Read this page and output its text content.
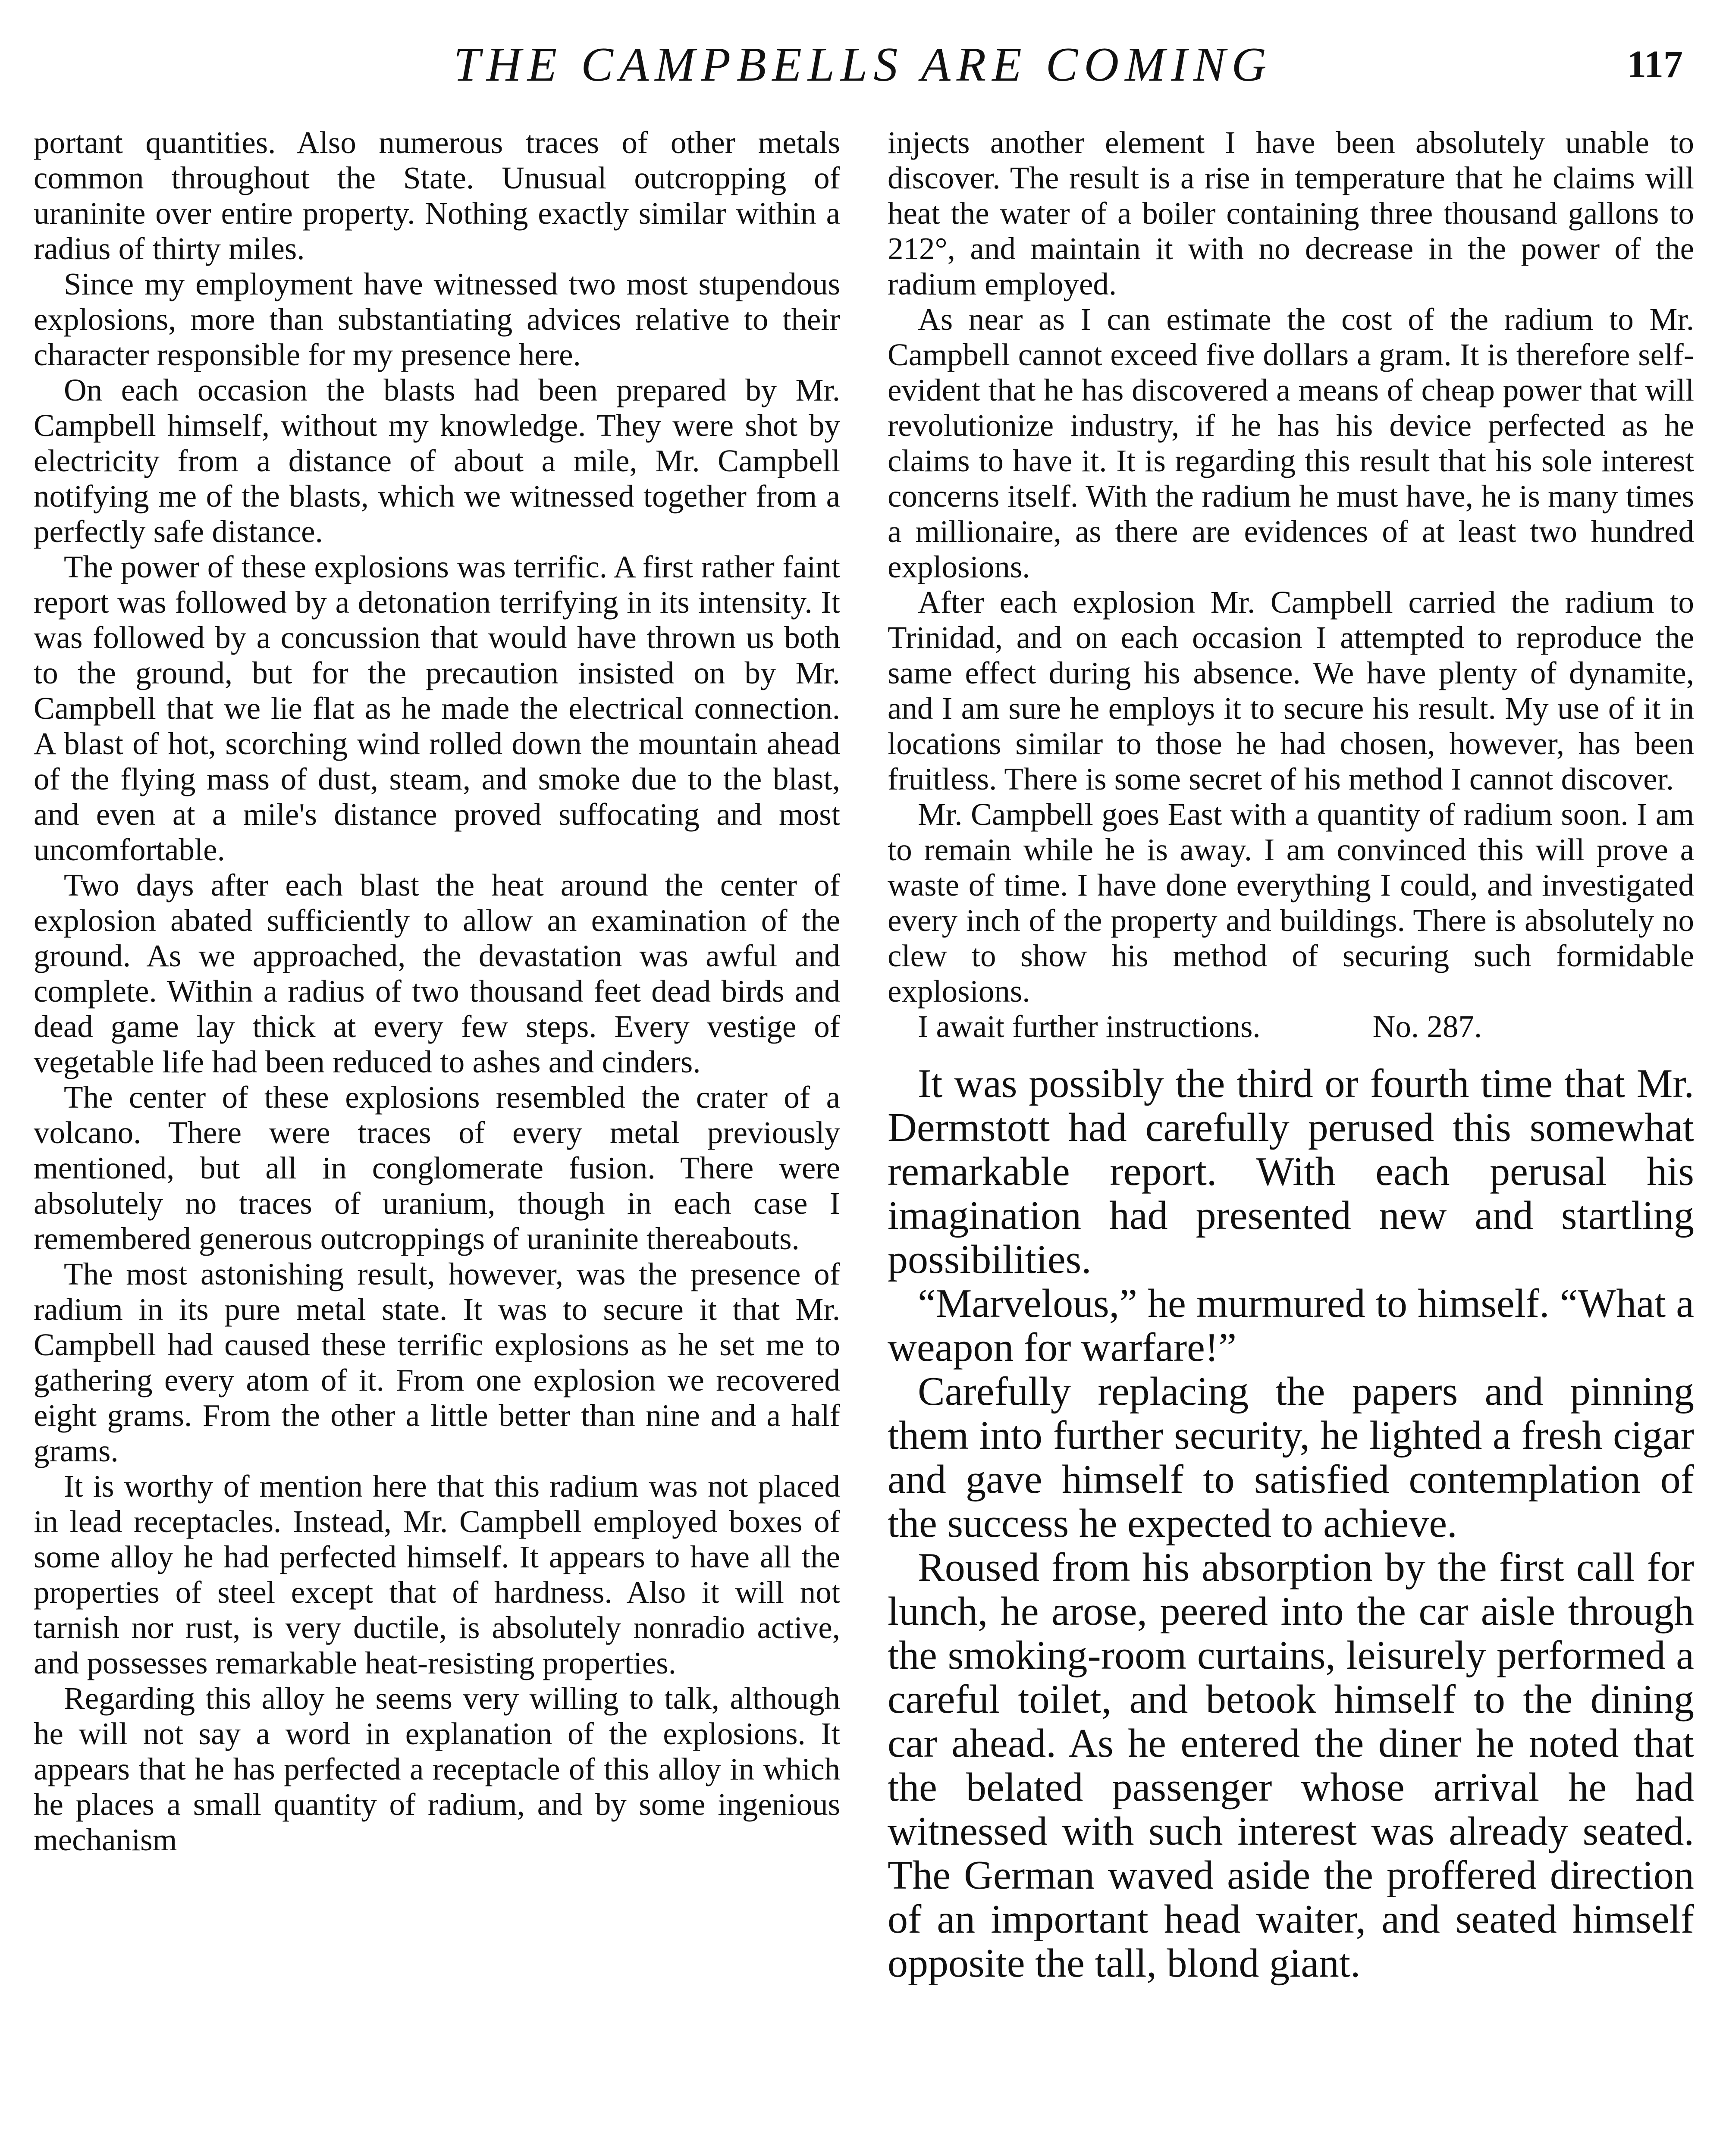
THE CAMPBELLS ARE COMING	117

portant quantities. Also numerous traces of other metals common throughout the State. Unusual outcropping of uraninite over entire property. Nothing exactly similar within a radius of thirty miles.

Since my employment have witnessed two most stupendous explosions, more than substantiating advices relative to their character responsible for my presence here.

On each occasion the blasts had been prepared by Mr. Campbell himself, without my knowledge. They were shot by electricity from a distance of about a mile, Mr. Campbell notifying me of the blasts, which we witnessed together from a perfectly safe distance.

The power of these explosions was terrific. A first rather faint report was followed by a detonation terrifying in its intensity. It was followed by a concussion that would have thrown us both to the ground, but for the precaution insisted on by Mr. Campbell that we lie flat as he made the electrical connection. A blast of hot, scorching wind rolled down the mountain ahead of the flying mass of dust, steam, and smoke due to the blast, and even at a mile's distance proved suffocating and most uncomfortable.

Two days after each blast the heat around the center of explosion abated sufficiently to allow an examination of the ground. As we approached, the devastation was awful and complete. Within a radius of two thousand feet dead birds and dead game lay thick at every few steps. Every vestige of vegetable life had been reduced to ashes and cinders.

The center of these explosions resembled the crater of a volcano. There were traces of every metal previously mentioned, but all in conglomerate fusion. There were absolutely no traces of uranium, though in each case I remembered generous outcroppings of uraninite thereabouts.

The most astonishing result, however, was the presence of radium in its pure metal state. It was to secure it that Mr. Campbell had caused these terrific explosions as he set me to gathering every atom of it. From one explosion we recovered eight grams. From the other a little better than nine and a half grams.

It is worthy of mention here that this radium was not placed in lead receptacles. Instead, Mr. Campbell employed boxes of some alloy he had perfected himself. It appears to have all the properties of steel except that of hardness. Also it will not tarnish nor rust, is very ductile, is absolutely nonradio active, and possesses remarkable heat-resisting properties.

Regarding this alloy he seems very willing to talk, although he will not say a word in explanation of the explosions. It appears that he has perfected a receptacle of this alloy in which he places a small quantity of radium, and by some ingenious mechanism

injects another element I have been absolutely unable to discover. The result is a rise in temperature that he claims will heat the water of a boiler containing three thousand gallons to 212°, and maintain it with no decrease in the power of the radium employed.

As near as I can estimate the cost of the radium to Mr. Campbell cannot exceed five dollars a gram. It is therefore self-evident that he has discovered a means of cheap power that will revolutionize industry, if he has his device perfected as he claims to have it. It is regarding this result that his sole interest concerns itself. With the radium he must have, he is many times a millionaire, as there are evidences of at least two hundred explosions.

After each explosion Mr. Campbell carried the radium to Trinidad, and on each occasion I attempted to reproduce the same effect during his absence. We have plenty of dynamite, and I am sure he employs it to secure his result. My use of it in locations similar to those he had chosen, however, has been fruitless. There is some secret of his method I cannot discover.

Mr. Campbell goes East with a quantity of radium soon. I am to remain while he is away. I am convinced this will prove a waste of time. I have done everything I could, and investigated every inch of the property and buildings. There is absolutely no clew to show his method of securing such formidable explosions.

I await further instructions.	No. 287.

It was possibly the third or fourth time that Mr. Dermstott had carefully perused this somewhat remarkable report. With each perusal his imagination had presented new and startling possibilities.

“Marvelous,” he murmured to himself. “What a weapon for warfare!”

Carefully replacing the papers and pinning them into further security, he lighted a fresh cigar and gave himself to satisfied contemplation of the success he expected to achieve.

Roused from his absorption by the first call for lunch, he arose, peered into the car aisle through the smoking-room curtains, leisurely performed a careful toilet, and betook himself to the dining car ahead. As he entered the diner he noted that the belated passenger whose arrival he had witnessed with such interest was already seated. The German waved aside the proffered direction of an important head waiter, and seated himself opposite the tall, blond giant.
